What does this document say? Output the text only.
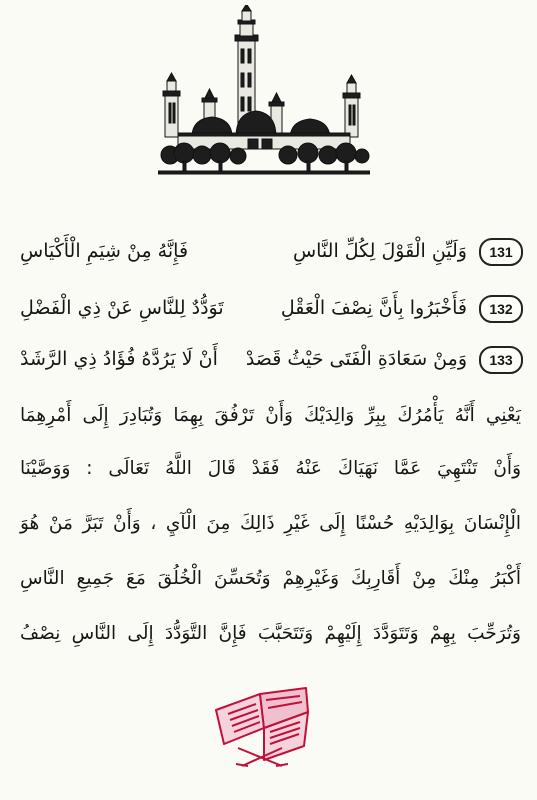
131
وَلَيِّنِ الْقَوْلَ لِكُلِّ النَّاسِ
فَإِنَّهُ مِنْ شِيَمِ الْأَكْيَاسِ
132
فَأَخْبَرُوا بِأَنَّ نِصْفَ الْعَقْلِ
تَوَدُّدٌ لِلنَّاسِ عَنْ ذِي الْفَضْلِ
133
وَمِنْ سَعَادَةِ الْفَتَى حَيْثُ قَصَدْ
أَنْ لَا يَرُدَّهُ فُؤَادُ ذِي الرَّشَدْ
يَعْنِي أَنَّهُ يَأْمُرُكَ بِبِرِّ وَالِدَيْكَ وَأَنْ تَرْفُقَ بِهِمَا وَتُبَادِرَ إِلَى أَمْرِهِمَا
وَأَنْ تَنْتَهِيَ عَمَّا نَهَيَاكَ عَنْهُ فَقَدْ قَالَ اللَّهُ تَعَالَى : وَوَصَّيْنَا
الْإِنْسَانَ بِوَالِدَيْهِ حُسْنًا إِلَى غَيْرِ ذَالِكَ مِنَ الْآيِ ، وَأَنْ تَبَرَّ مَنْ هُوَ
أَكْبَرُ مِنْكَ مِنْ أَقَارِبِكَ وَغَيْرِهِمْ وَتُحَسِّنَ الْخُلُقَ مَعَ جَمِيعِ النَّاسِ
وَتُرَحِّبَ بِهِمْ وَتَتَوَدَّدَ إِلَيْهِمْ وَتَتَحَبَّبَ فَإِنَّ التَّوَدُّدَ إِلَى النَّاسِ نِصْفُ
